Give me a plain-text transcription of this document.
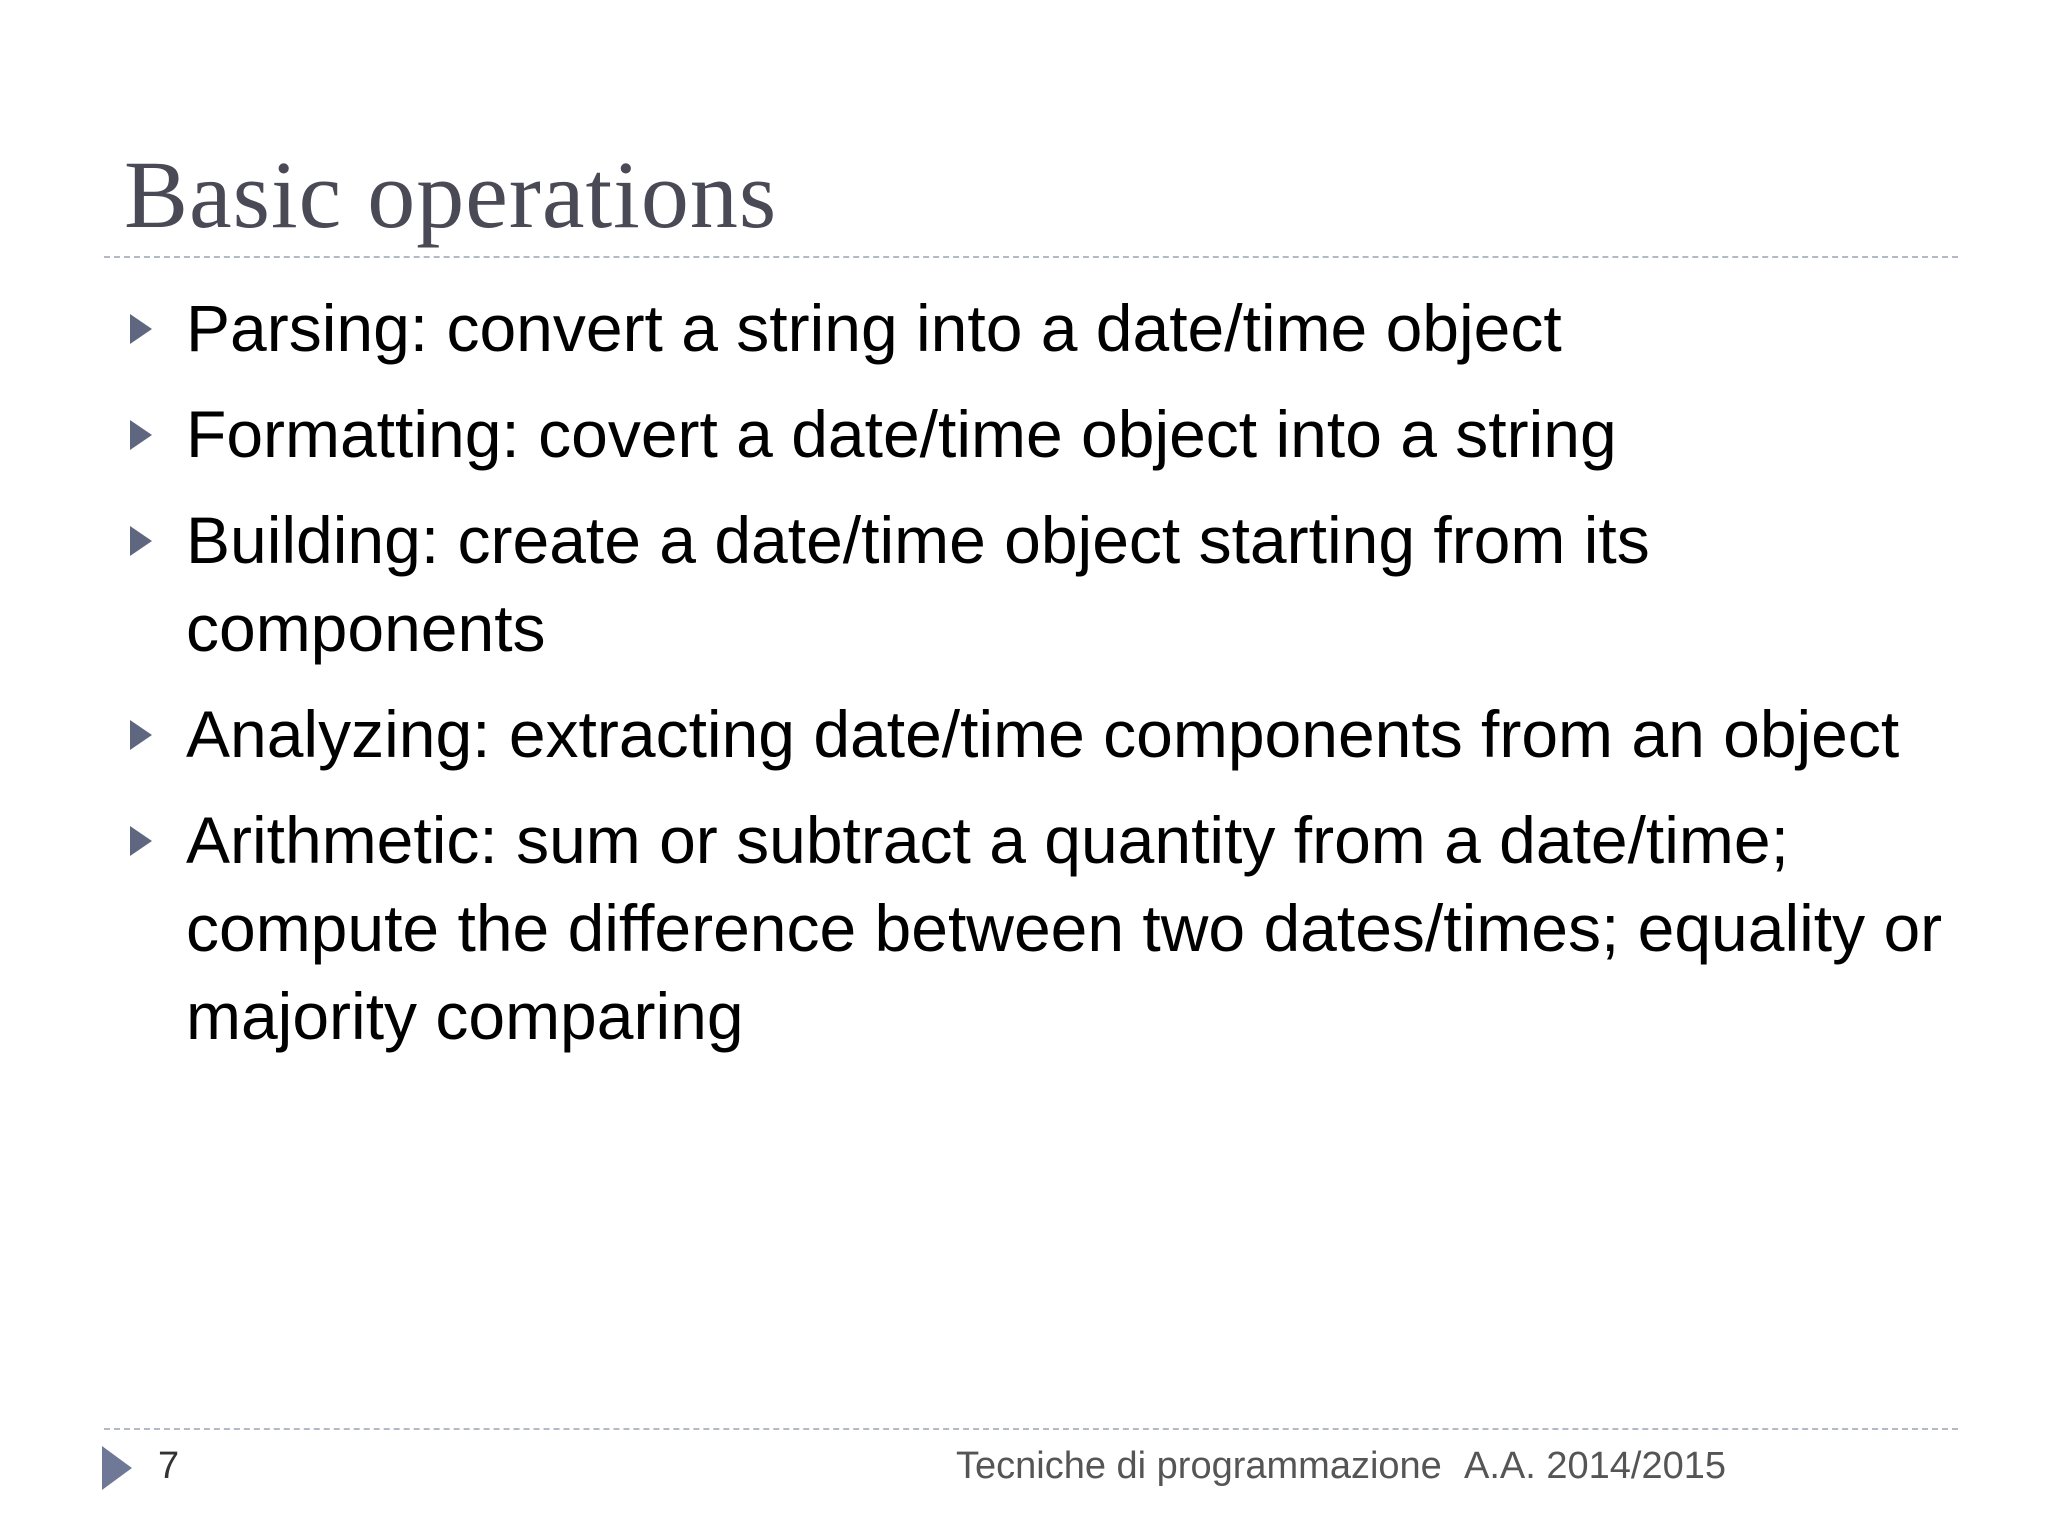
Basic operations
Parsing: convert a string into a date/time object
Formatting: covert a date/time object into a string
Building: create a date/time object starting from its components
Analyzing: extracting date/time components from an object
Arithmetic: sum or subtract a quantity from a date/time; compute the difference between two dates/times; equality or majority comparing
7	Tecniche di programmazione A.A. 2014/2015
